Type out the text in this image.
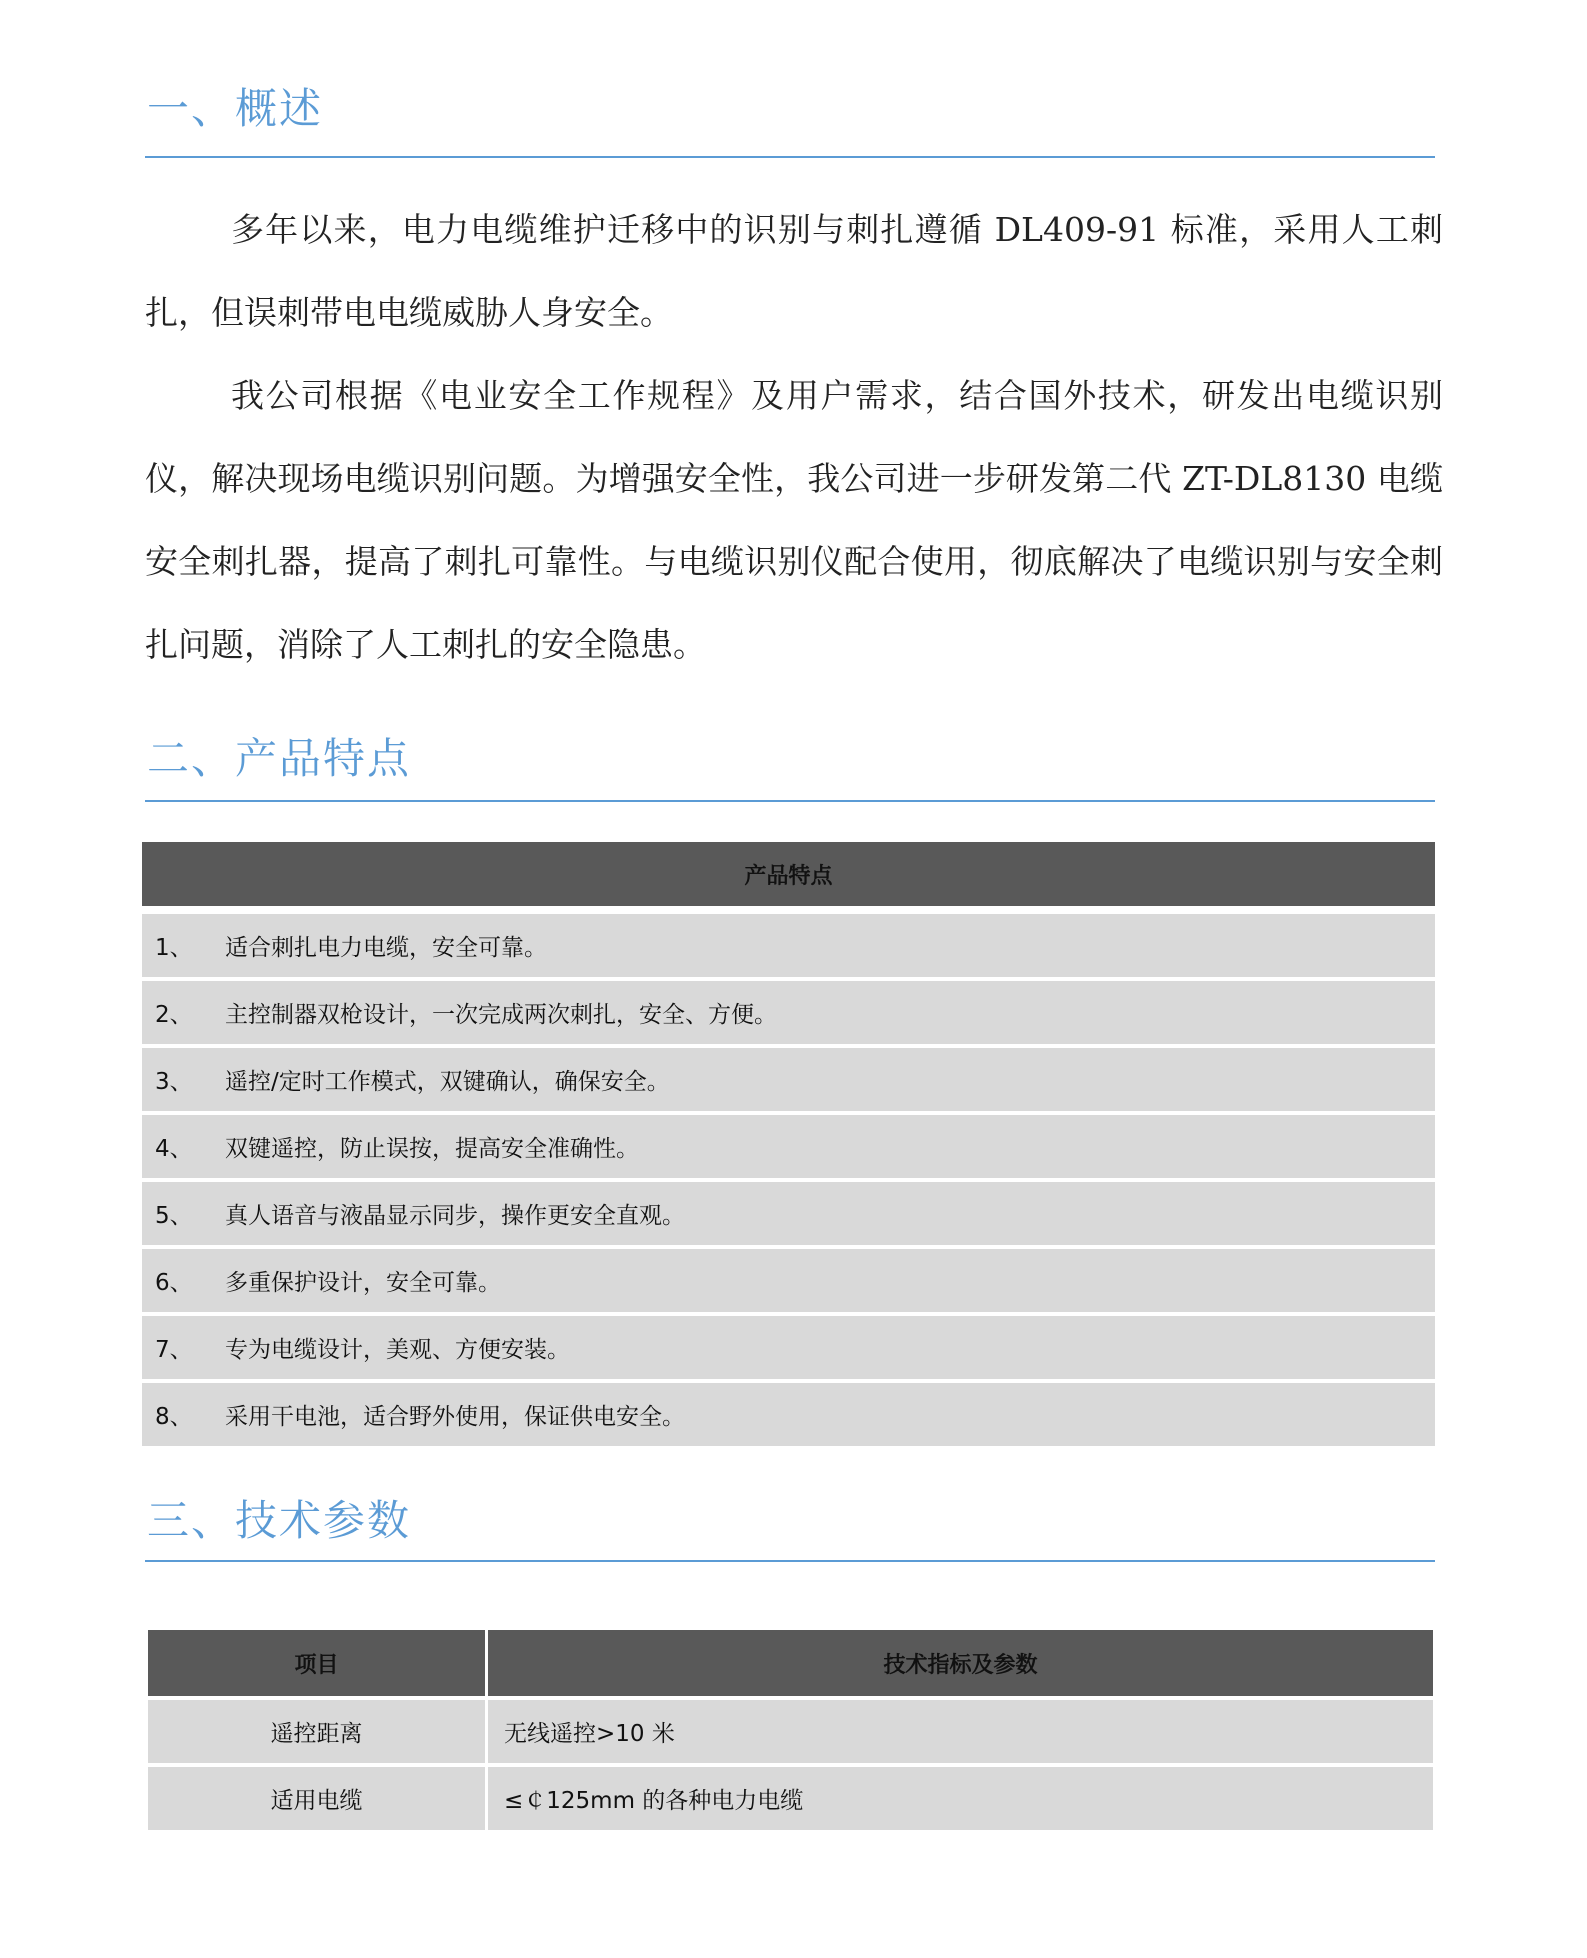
一、概述

多年以来，电力电缆维护迁移中的识别与刺扎遵循 DL409-91 标准，采用人工刺扎，但误刺带电电缆威胁人身安全。

我公司根据《电业安全工作规程》及用户需求，结合国外技术，研发出电缆识别仪，解决现场电缆识别问题。为增强安全性，我公司进一步研发第二代 ZT-DL8130 电缆安全刺扎器，提高了刺扎可靠性。与电缆识别仪配合使用，彻底解决了电缆识别与安全刺扎问题，消除了人工刺扎的安全隐患。

二、产品特点
产品特点
1、	适合刺扎电力电缆，安全可靠。
2、	主控制器双枪设计，一次完成两次刺扎，安全、方便。
3、	遥控/定时工作模式，双键确认，确保安全。
4、	双键遥控，防止误按，提高安全准确性。
5、	真人语音与液晶显示同步，操作更安全直观。
6、	多重保护设计，安全可靠。
7、	专为电缆设计，美观、方便安装。
8、	采用干电池，适合野外使用，保证供电安全。
三、技术参数
项目	技术指标及参数
遥控距离	无线遥控>10 米
适用电缆	≤￠125mm 的各种电力电缆
